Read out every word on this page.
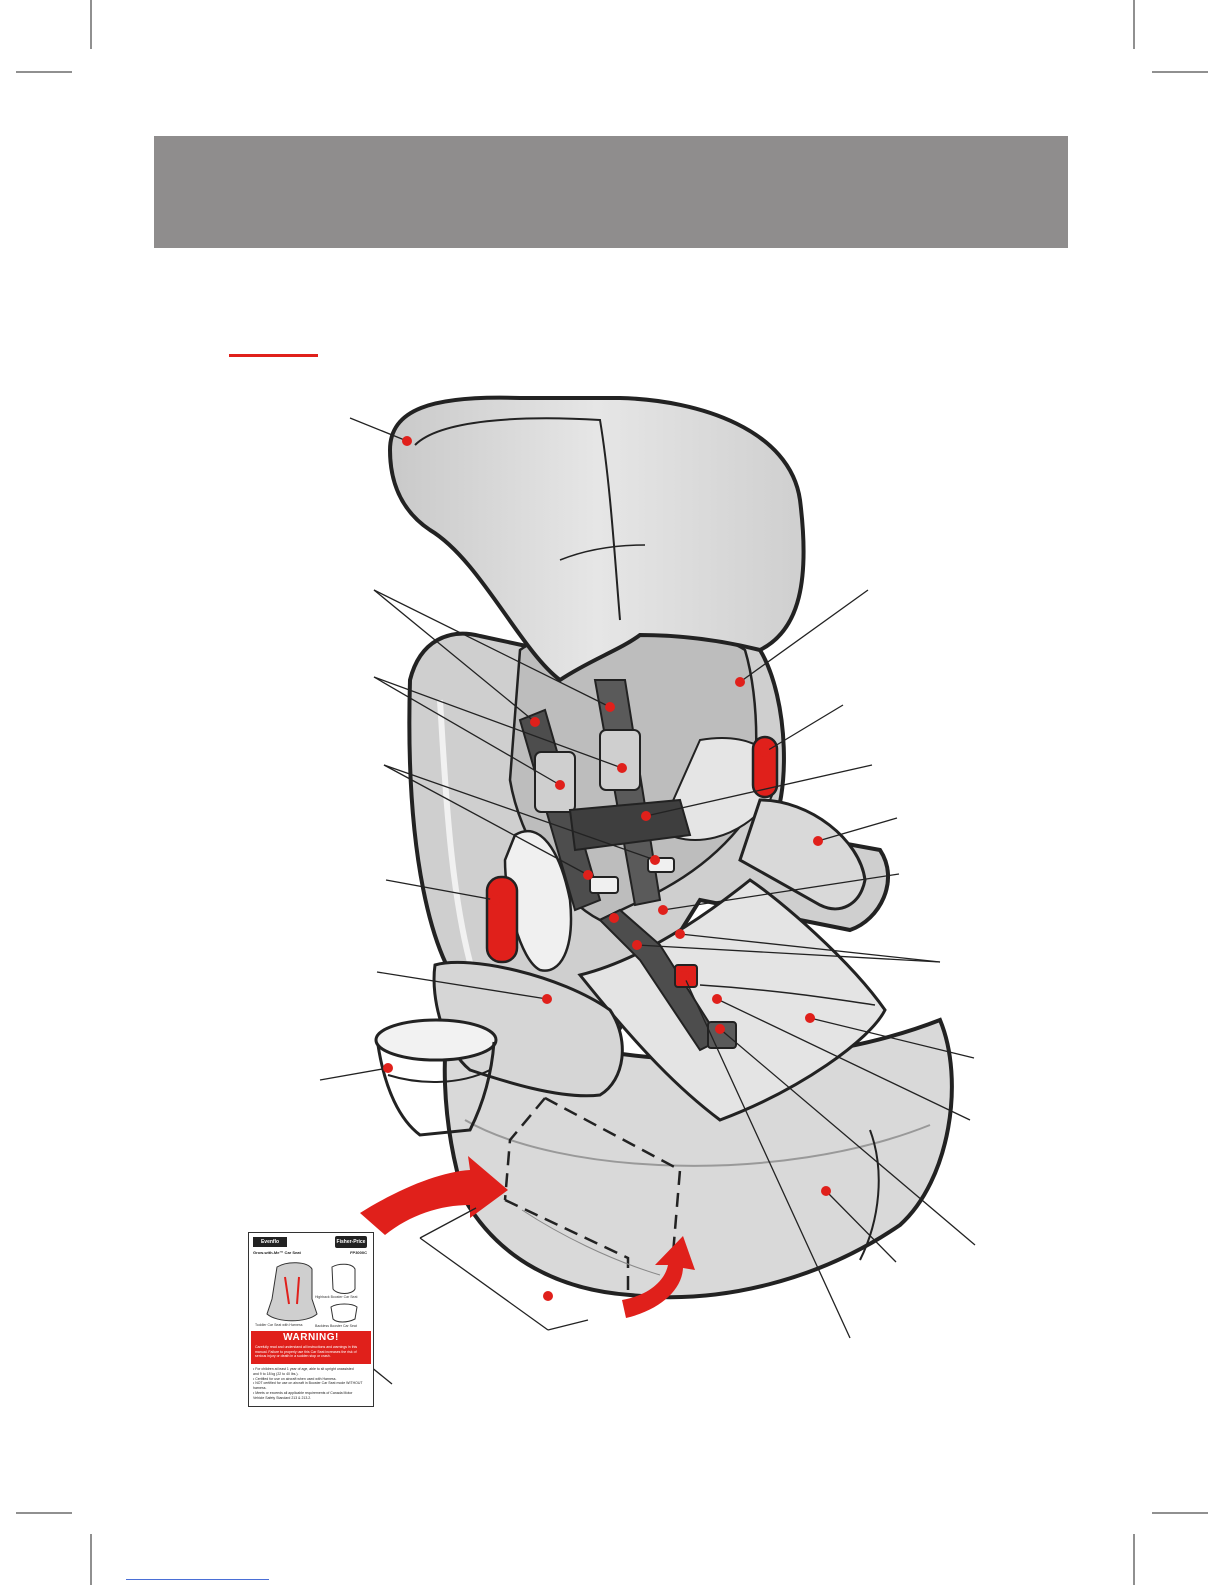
Evenflo	Fisher-Price
Grow-with-Me™ Car Seat	FP3000C
Highback Booster Car Seat
Toddler Car Seat with Harness	Backless Booster Car Seat
WARNING!
Carefully read and understand all instructions and warnings in this manual. Failure to properly use this Car Seat increases the risk of serious injury or death in a sudden stop or crash.
• For children at least 1 year of age, able to sit upright unassisted
and 9 to 18 kg (22 to 40 lbs.).
• Certified for use on aircraft when used with Harness.
• NOT certified for use on aircraft in Booster Car Seat mode WITHOUT
harness.
• Meets or exceeds all applicable requirements of Canada Motor
Vehicle Safety Standard 213 & 213.2.
